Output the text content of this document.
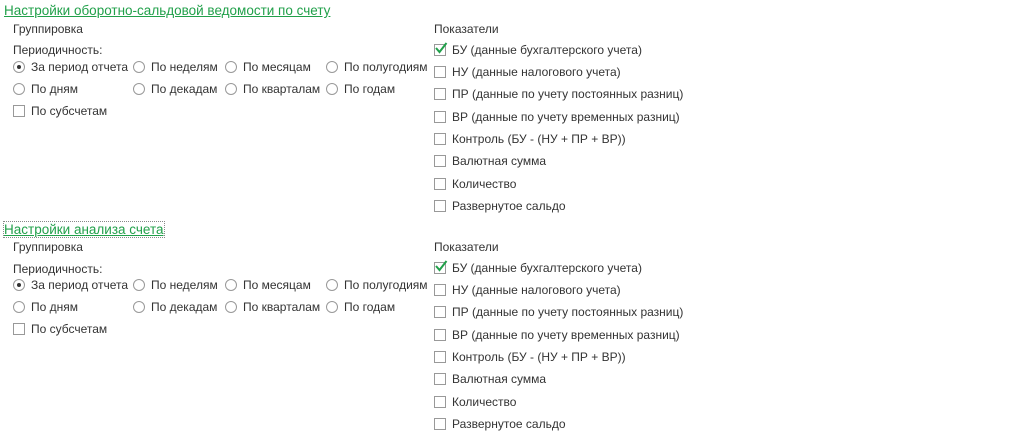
Настройки оборотно-сальдовой ведомости по счету
Группировка
Периодичность:
За период отчета По неделям По месяцам	По полугодиям
По дням	По декадам По кварталам По годам
По субсчетам
Показатели
БУ (данные бухгалтерского учета)
НУ (данные налогового учета)
ПР (данные по учету постоянных разниц)
ВР (данные по учету временных разниц)
Контроль (БУ - (НУ + ПР + ВР))
Валютная сумма
Количество
Развернутое сальдо
Настройки анализа счета
Группировка
Периодичность:
За период отчета По неделям По месяцам	По полугодиям
По дням	По декадам По кварталам По годам
По субсчетам
Показатели
БУ (данные бухгалтерского учета)
НУ (данные налогового учета)
ПР (данные по учету постоянных разниц)
ВР (данные по учету временных разниц)
Контроль (БУ - (НУ + ПР + ВР))
Валютная сумма
Количество
Развернутое сальдо
